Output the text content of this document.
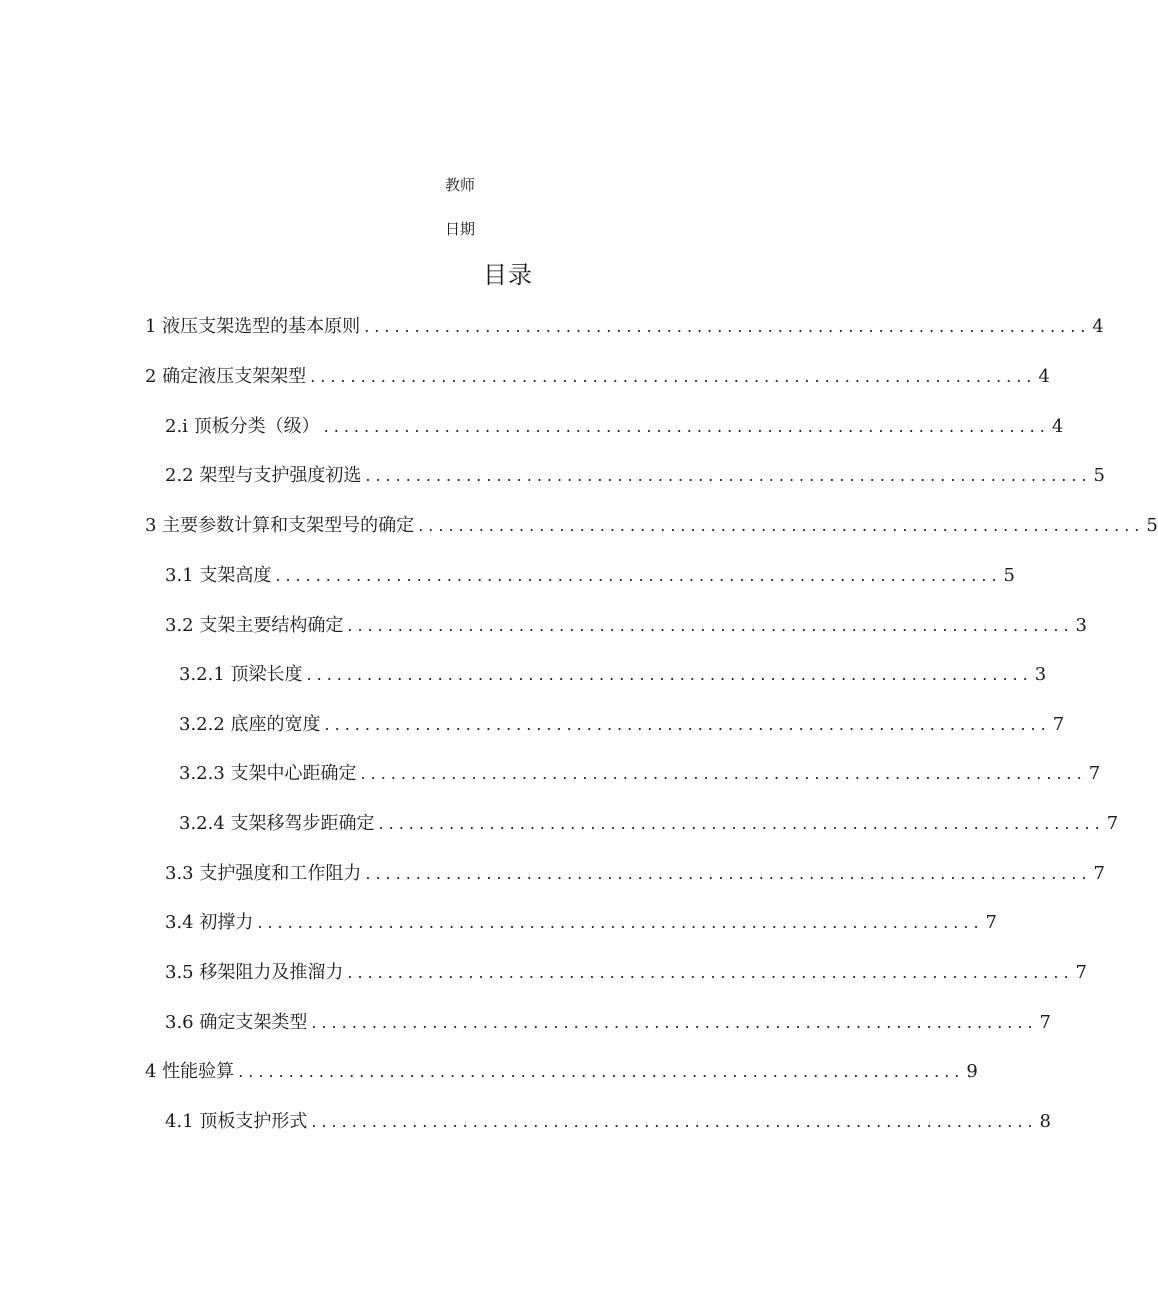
教师
日期
目录
1 液压支架选型的基本原则 ........................................................................ 4
2 确定液压支架架型 ........................................................................ 4
2.i 顶板分类（级） ........................................................................ 4
2.2 架型与支护强度初选 ........................................................................ 5
3 主要参数计算和支架型号的确定 ........................................................................ 5
3.1 支架高度 ........................................................................ 5
3.2 支架主要结构确定 ........................................................................ 3
3.2.1 顶梁长度 ........................................................................ 3
3.2.2 底座的宽度 ........................................................................ 7
3.2.3 支架中心距确定 ........................................................................ 7
3.2.4 支架移驾步距确定 ........................................................................ 7
3.3 支护强度和工作阻力 ........................................................................ 7
3.4 初撑力 ........................................................................ 7
3.5 移架阻力及推溜力 ........................................................................ 7
3.6 确定支架类型 ........................................................................ 7
4 性能验算 ........................................................................ 9
4.1 顶板支护形式 ........................................................................ 8
